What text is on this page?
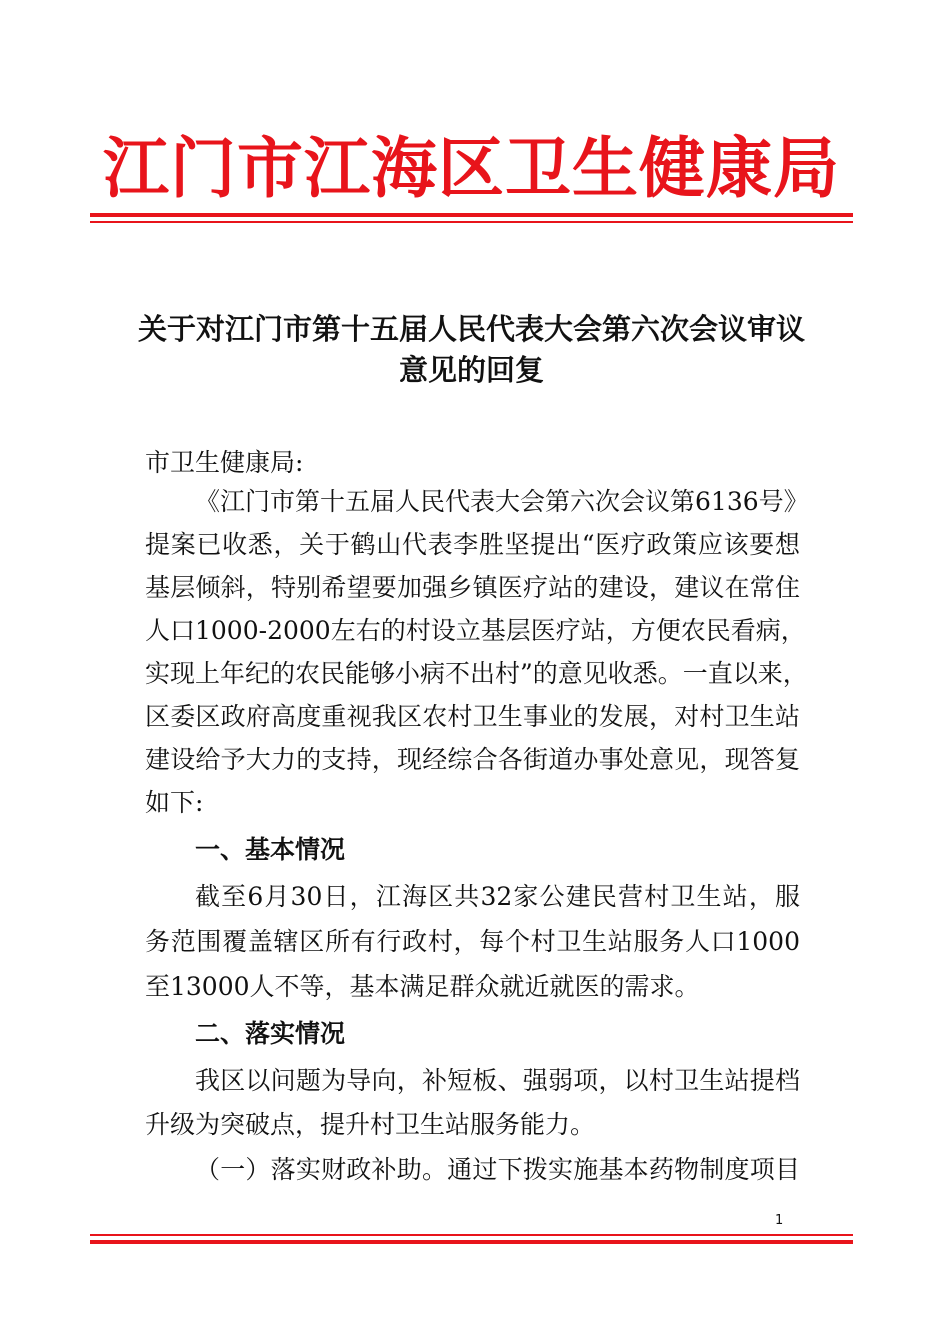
江门市江海区卫生健康局
关于对江门市第十五届人民代表大会第六次会议审议
意见的回复
市卫生健康局:
《江门市第十五届人民代表大会第六次会议第6136号》
提案已收悉，关于鹤山代表李胜坚提出“医疗政策应该要想
基层倾斜，特别希望要加强乡镇医疗站的建设，建议在常住
人口1000-2000左右的村设立基层医疗站，方便农民看病，
实现上年纪的农民能够小病不出村”的意见收悉。一直以来，
区委区政府高度重视我区农村卫生事业的发展，对村卫生站
建设给予大力的支持，现经综合各街道办事处意见，现答复
如下:
一、基本情况
截至6月30日，江海区共32家公建民营村卫生站，服
务范围覆盖辖区所有行政村，每个村卫生站服务人口1000
至13000人不等，基本满足群众就近就医的需求。
二、落实情况
我区以问题为导向，补短板、强弱项，以村卫生站提档
升级为突破点，提升村卫生站服务能力。
（一）落实财政补助。通过下拨实施基本药物制度项目
1
